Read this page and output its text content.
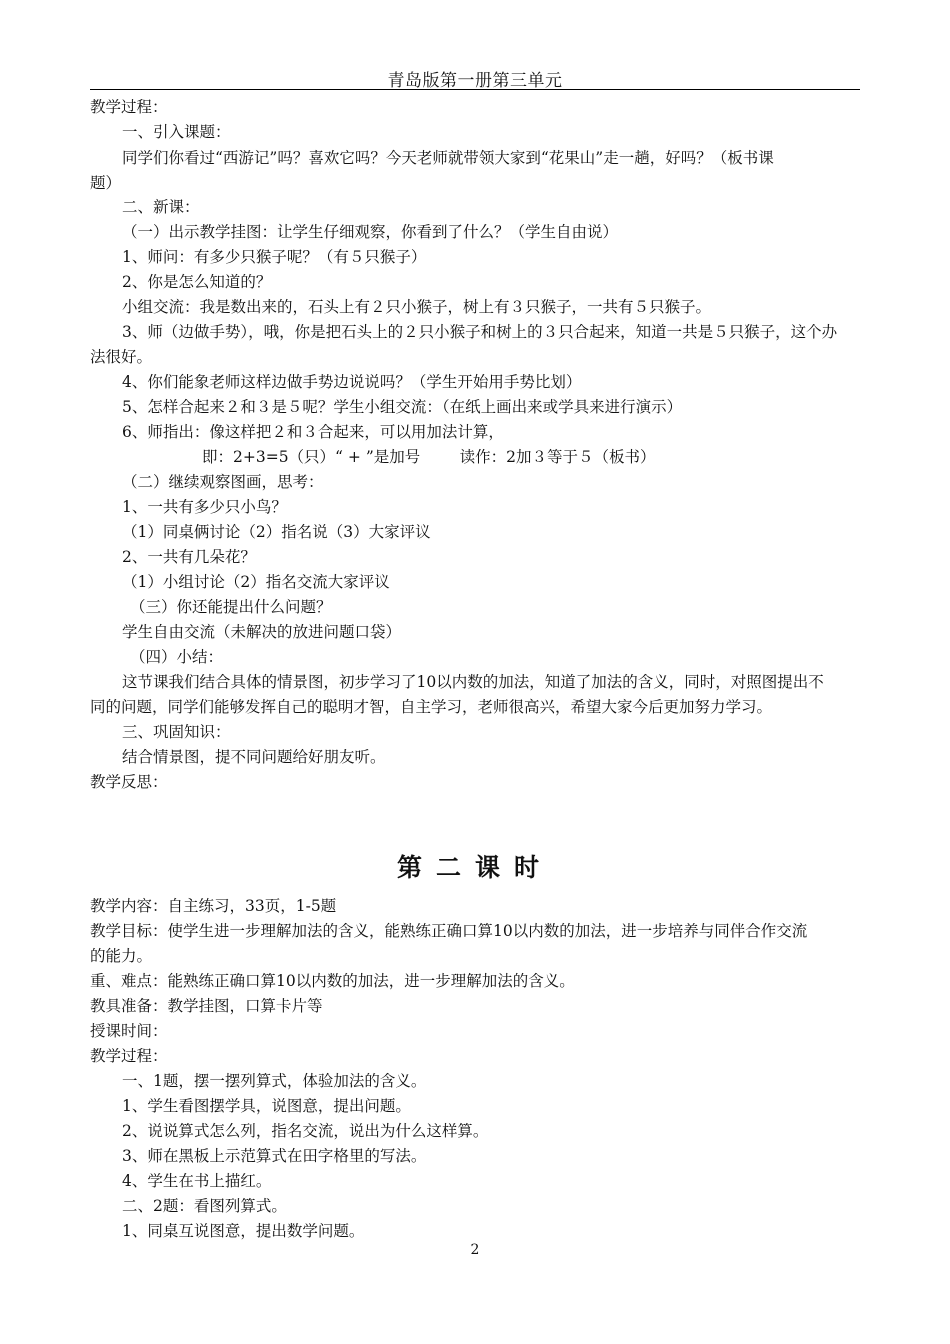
青岛版第一册第三单元
教学过程：
一、引入课题：
同学们你看过“西游记”吗？喜欢它吗？今天老师就带领大家到“花果山”走一趟，好吗？（板书课
题）
二、新课：
（一）出示教学挂图：让学生仔细观察，你看到了什么？（学生自由说）
1、师问：有多少只猴子呢？（有５只猴子）
2、你是怎么知道的？
小组交流：我是数出来的，石头上有２只小猴子，树上有３只猴子，一共有５只猴子。
3、师（边做手势），哦，你是把石头上的２只小猴子和树上的３只合起来，知道一共是５只猴子，这个办
法很好。
4、你们能象老师这样边做手势边说说吗？（学生开始用手势比划）
5、怎样合起来２和３是５呢？学生小组交流：（在纸上画出来或学具来进行演示）
6、师指出：像这样把２和３合起来，可以用加法计算，
即：2+3=5（只）“ + ”是加号        读作：2加３等于５（板书）
（二）继续观察图画，思考：
1、一共有多少只小鸟？
（1）同桌俩讨论（2）指名说（3）大家评议
2、一共有几朵花？
（1）小组讨论（2）指名交流大家评议
（三）你还能提出什么问题？
学生自由交流（未解决的放进问题口袋）
（四）小结：
这节课我们结合具体的情景图，初步学习了10以内数的加法，知道了加法的含义，同时，对照图提出不
同的问题，同学们能够发挥自己的聪明才智，自主学习，老师很高兴，希望大家今后更加努力学习。
三、巩固知识：
结合情景图，提不同问题给好朋友听。
教学反思：
第二课时
教学内容：自主练习，33页，1-5题
教学目标：使学生进一步理解加法的含义，能熟练正确口算10以内数的加法，进一步培养与同伴合作交流
的能力。
重、难点：能熟练正确口算10以内数的加法，进一步理解加法的含义。
教具准备：教学挂图，口算卡片等
授课时间：
教学过程：
一、1题，摆一摆列算式，体验加法的含义。
1、学生看图摆学具，说图意，提出问题。
2、说说算式怎么列，指名交流，说出为什么这样算。
3、师在黑板上示范算式在田字格里的写法。
4、学生在书上描红。
二、2题：看图列算式。
1、同桌互说图意，提出数学问题。
2
